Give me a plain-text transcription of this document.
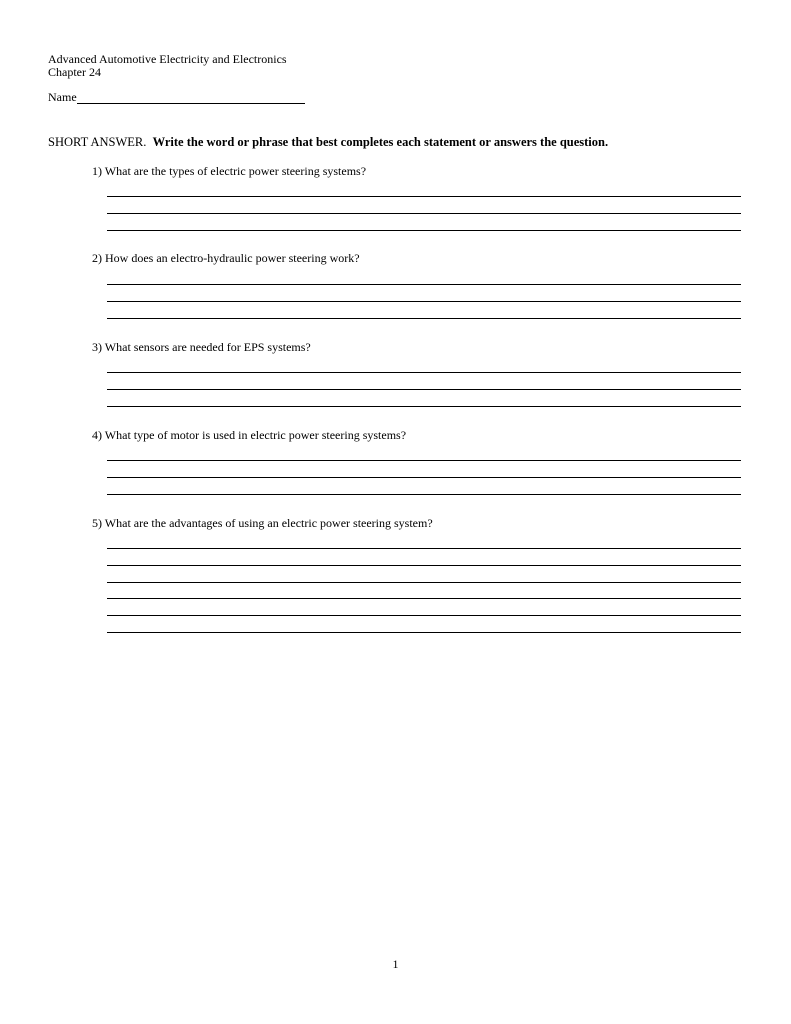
Advanced Automotive Electricity and Electronics
Chapter 24
Name
SHORT ANSWER. Write the word or phrase that best completes each statement or answers the question.
1) What are the types of electric power steering systems?
2) How does an electro-hydraulic power steering work?
3) What sensors are needed for EPS systems?
4) What type of motor is used in electric power steering systems?
5) What are the advantages of using an electric power steering system?
1
